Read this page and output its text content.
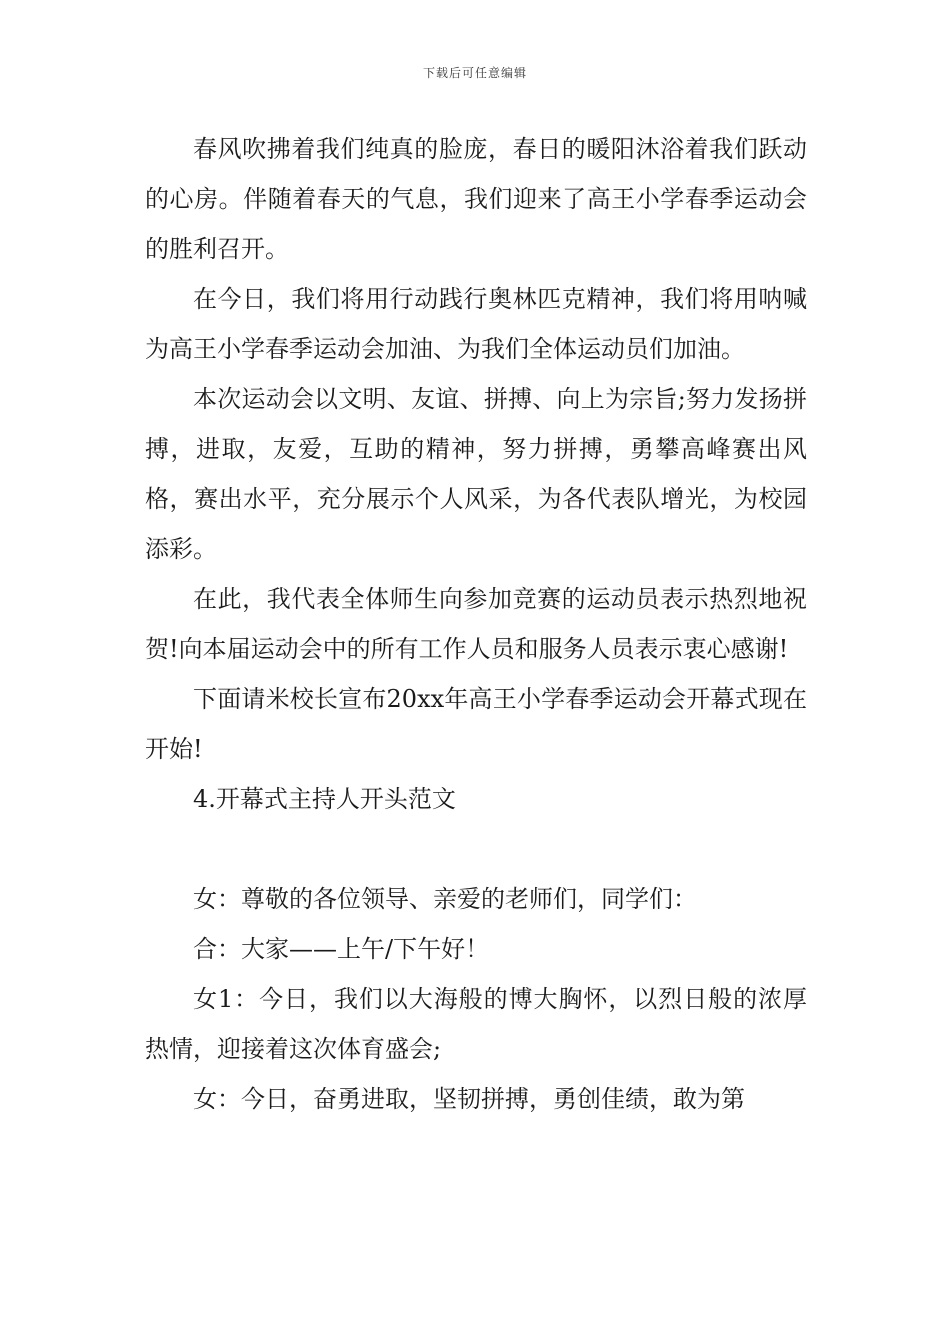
下载后可任意编辑

春风吹拂着我们纯真的脸庞，春日的暖阳沐浴着我们跃动的心房。伴随着春天的气息，我们迎来了高王小学春季运动会的胜利召开。

在今日，我们将用行动践行奥林匹克精神，我们将用呐喊为高王小学春季运动会加油、为我们全体运动员们加油。

本次运动会以文明、友谊、拼搏、向上为宗旨;努力发扬拼搏，进取，友爱，互助的精神，努力拼搏，勇攀高峰赛出风格，赛出水平，充分展示个人风采，为各代表队增光，为校园添彩。

在此，我代表全体师生向参加竞赛的运动员表示热烈地祝贺!向本届运动会中的所有工作人员和服务人员表示衷心感谢!

下面请米校长宣布20xx年高王小学春季运动会开幕式现在开始!

4.开幕式主持人开头范文

女：尊敬的各位领导、亲爱的老师们，同学们：

合：大家——上午/下午好！

女1：今日，我们以大海般的博大胸怀，以烈日般的浓厚热情，迎接着这次体育盛会;

女：今日，奋勇进取，坚韧拼搏，勇创佳绩，敢为第
